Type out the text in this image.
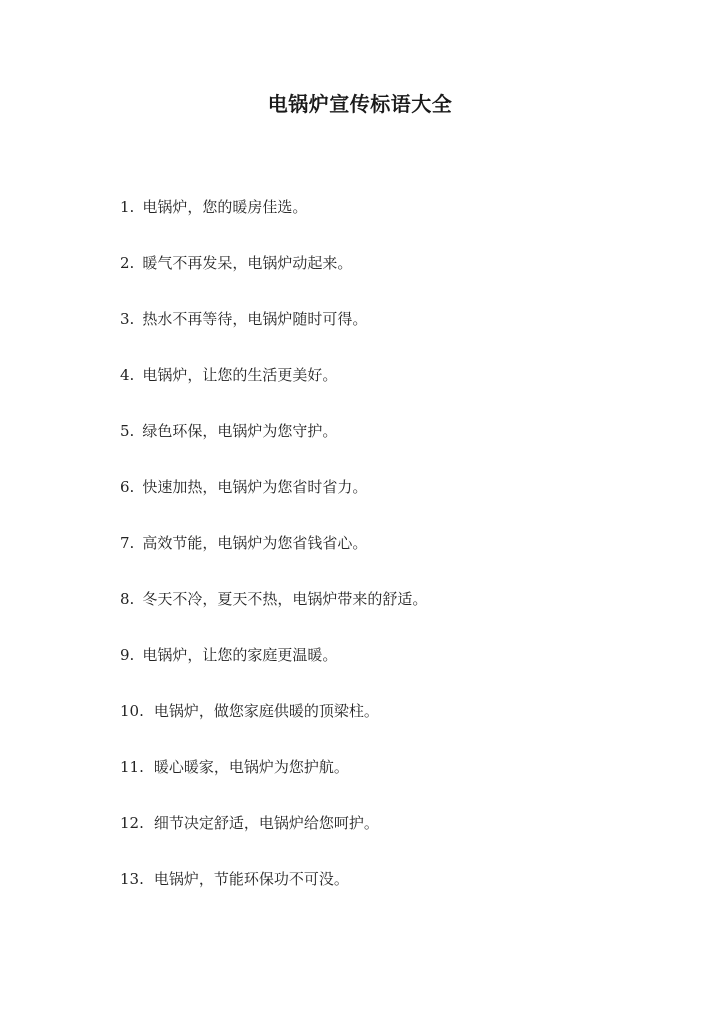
电锅炉宣传标语大全
1. 电锅炉，您的暖房佳选。
2. 暖气不再发呆，电锅炉动起来。
3. 热水不再等待，电锅炉随时可得。
4. 电锅炉，让您的生活更美好。
5. 绿色环保，电锅炉为您守护。
6. 快速加热，电锅炉为您省时省力。
7. 高效节能，电锅炉为您省钱省心。
8. 冬天不冷，夏天不热，电锅炉带来的舒适。
9. 电锅炉，让您的家庭更温暖。
10. 电锅炉，做您家庭供暖的顶梁柱。
11. 暖心暖家，电锅炉为您护航。
12. 细节决定舒适，电锅炉给您呵护。
13. 电锅炉，节能环保功不可没。
